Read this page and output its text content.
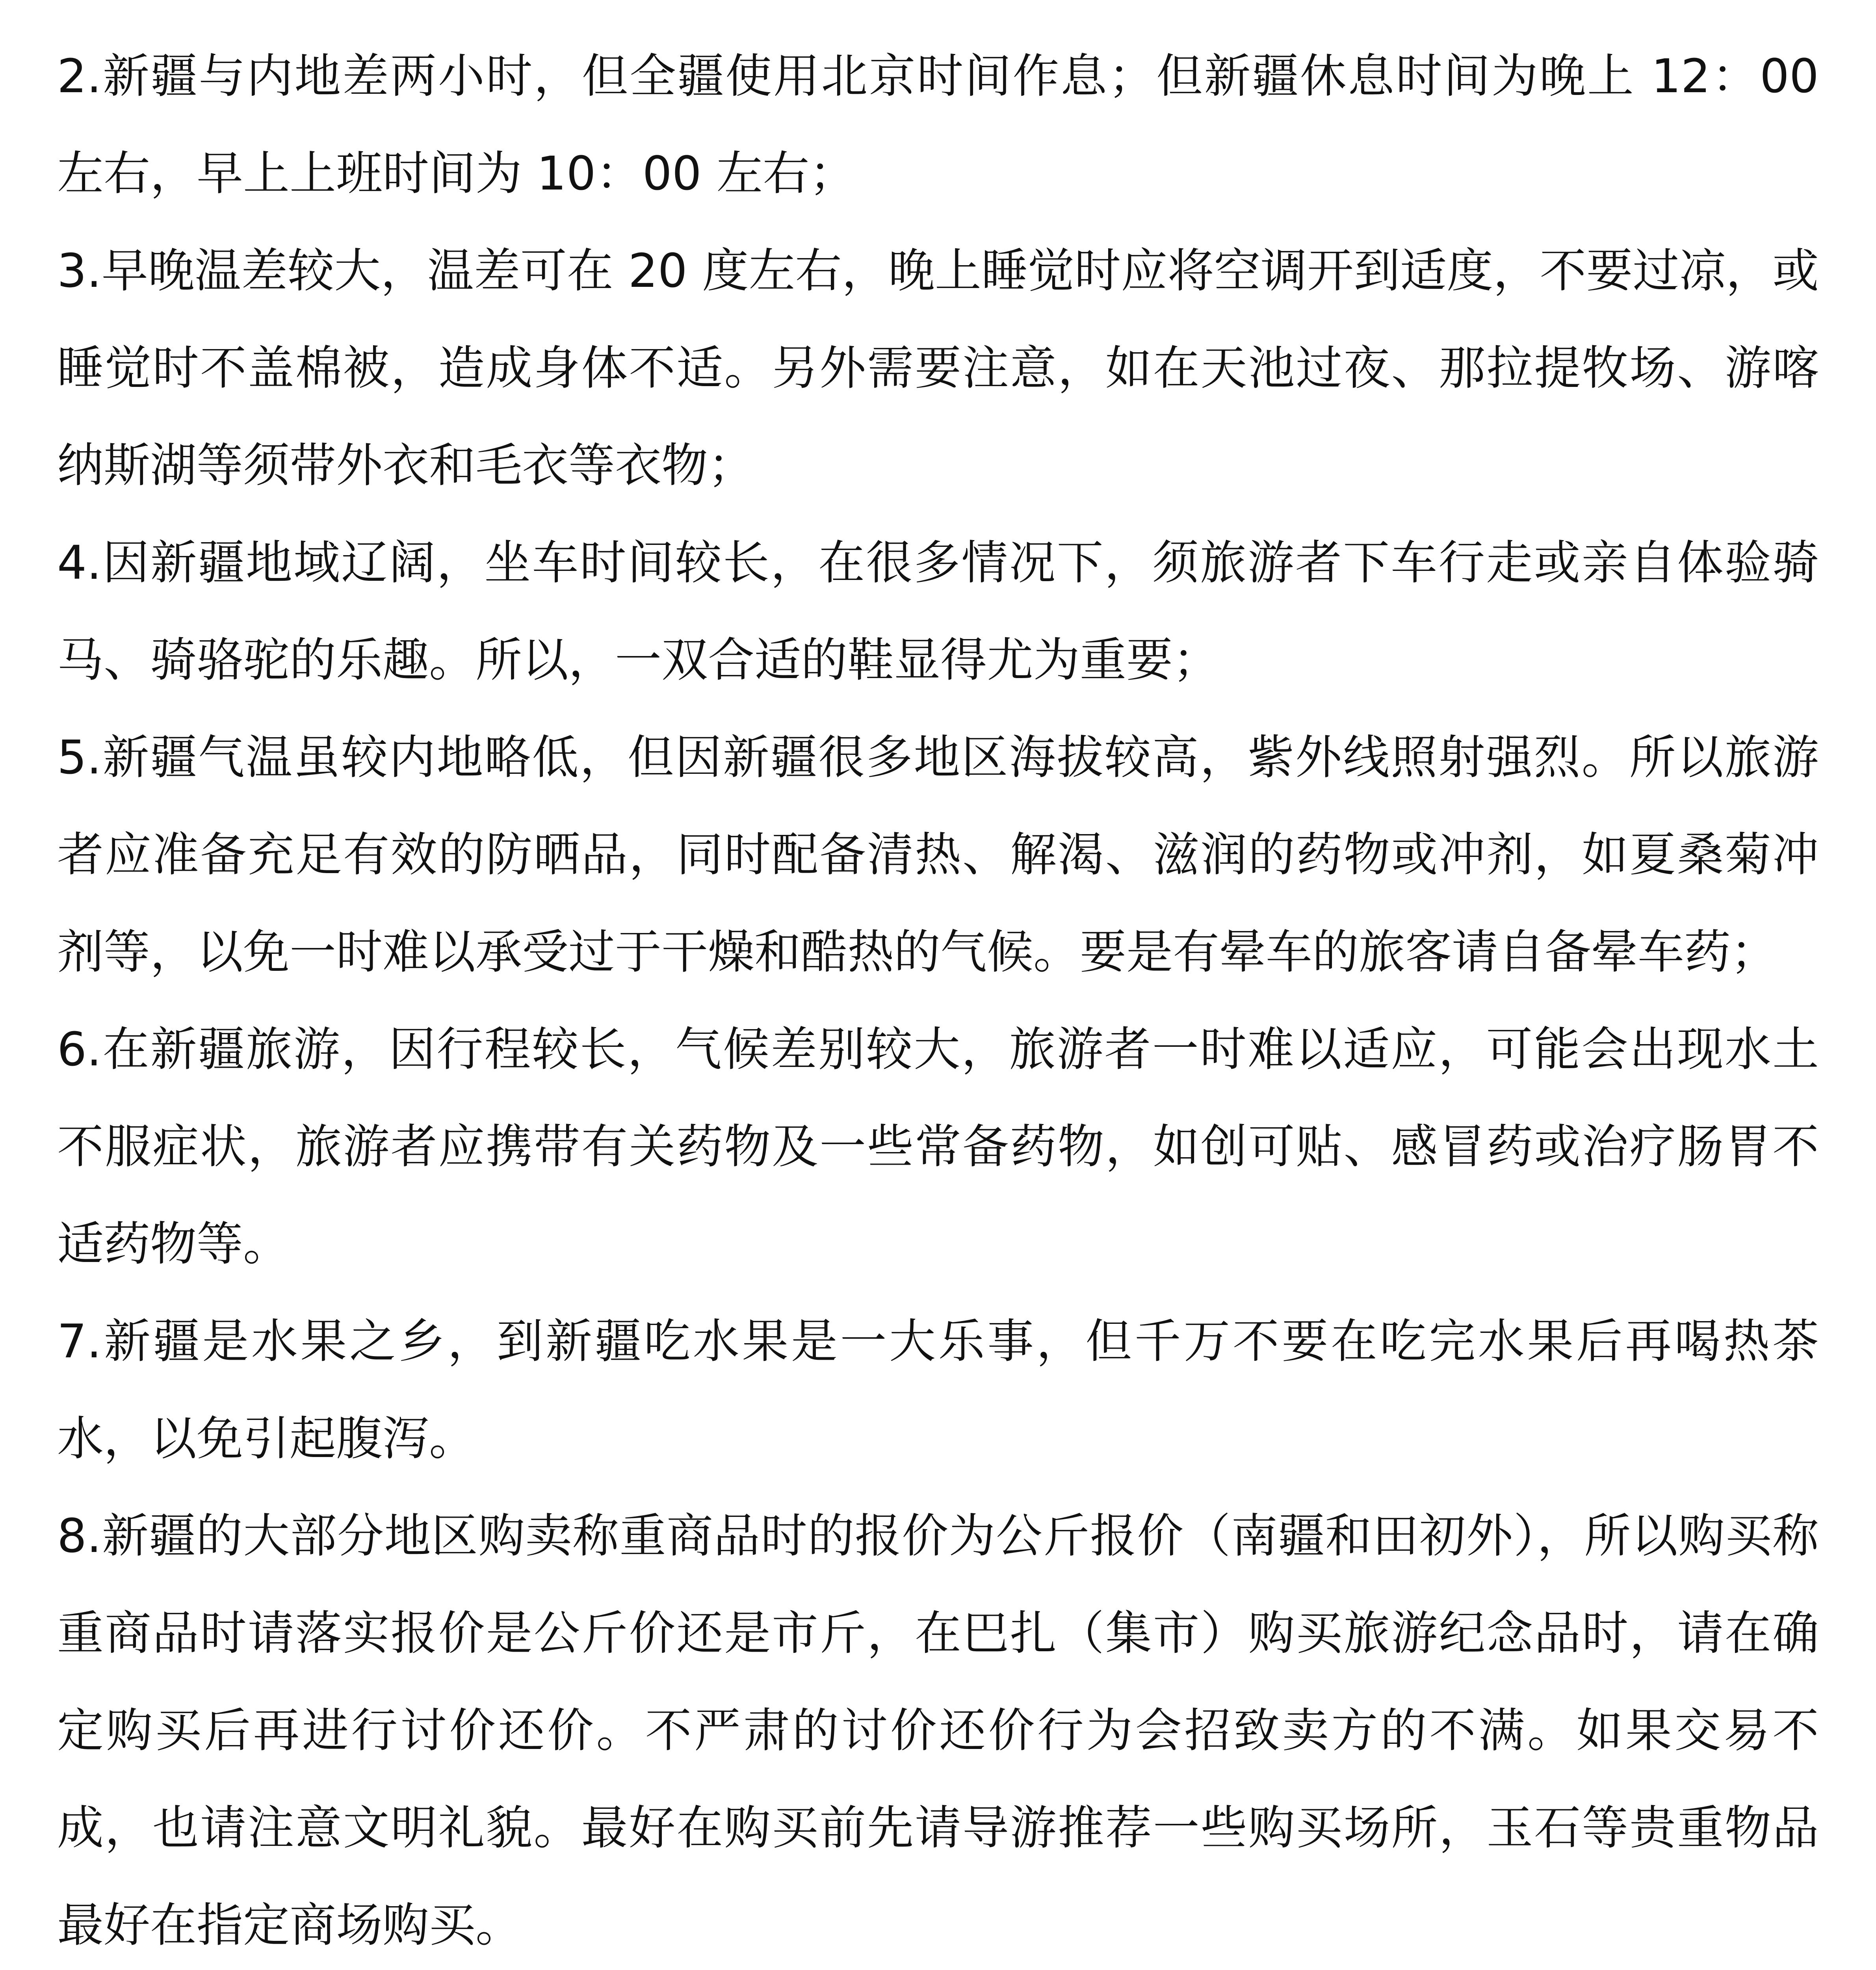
2.新疆与内地差两小时，但全疆使用北京时间作息；但新疆休息时间为晚上 12：00 左右，早上上班时间为 10：00 左右；

3.早晚温差较大，温差可在 20 度左右，晚上睡觉时应将空调开到适度，不要过凉，或睡觉时不盖棉被，造成身体不适。另外需要注意，如在天池过夜、那拉提牧场、游喀纳斯湖等须带外衣和毛衣等衣物；

4.因新疆地域辽阔，坐车时间较长，在很多情况下，须旅游者下车行走或亲自体验骑马、骑骆驼的乐趣。所以，一双合适的鞋显得尤为重要；

5.新疆气温虽较内地略低，但因新疆很多地区海拔较高，紫外线照射强烈。所以旅游者应准备充足有效的防晒品，同时配备清热、解渴、滋润的药物或冲剂，如夏桑菊冲剂等，以免一时难以承受过于干燥和酷热的气候。要是有晕车的旅客请自备晕车药；

6.在新疆旅游，因行程较长，气候差别较大，旅游者一时难以适应，可能会出现水土不服症状，旅游者应携带有关药物及一些常备药物，如创可贴、感冒药或治疗肠胃不适药物等。

7.新疆是水果之乡，到新疆吃水果是一大乐事，但千万不要在吃完水果后再喝热茶水，以免引起腹泻。

8.新疆的大部分地区购卖称重商品时的报价为公斤报价（南疆和田初外），所以购买称重商品时请落实报价是公斤价还是市斤，在巴扎（集市）购买旅游纪念品时，请在确定购买后再进行讨价还价。不严肃的讨价还价行为会招致卖方的不满。如果交易不成，也请注意文明礼貌。最好在购买前先请导游推荐一些购买场所，玉石等贵重物品最好在指定商场购买。
